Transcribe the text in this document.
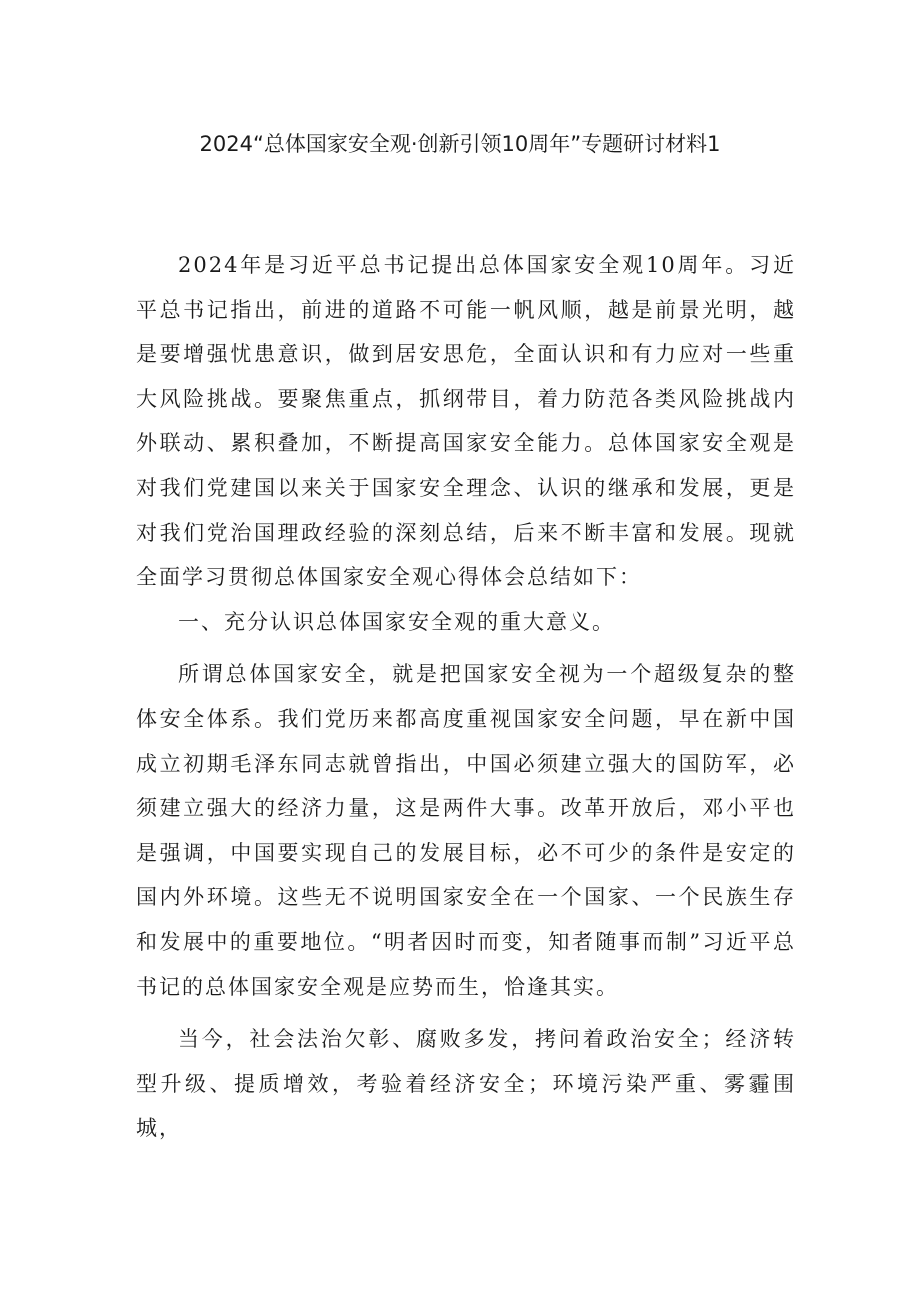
2024“总体国家安全观·创新引领10周年”专题研讨材料1

2024年是习近平总书记提出总体国家安全观10周年。习近平总书记指出，前进的道路不可能一帆风顺，越是前景光明，越是要增强忧患意识，做到居安思危，全面认识和有力应对一些重大风险挑战。要聚焦重点，抓纲带目，着力防范各类风险挑战内外联动、累积叠加，不断提高国家安全能力。总体国家安全观是对我们党建国以来关于国家安全理念、认识的继承和发展，更是对我们党治国理政经验的深刻总结，后来不断丰富和发展。现就全面学习贯彻总体国家安全观心得体会总结如下：

一、充分认识总体国家安全观的重大意义。

所谓总体国家安全，就是把国家安全视为一个超级复杂的整体安全体系。我们党历来都高度重视国家安全问题，早在新中国成立初期毛泽东同志就曾指出，中国必须建立强大的国防军，必须建立强大的经济力量，这是两件大事。改革开放后，邓小平也是强调，中国要实现自己的发展目标，必不可少的条件是安定的国内外环境。这些无不说明国家安全在一个国家、一个民族生存和发展中的重要地位。“明者因时而变，知者随事而制”习近平总书记的总体国家安全观是应势而生，恰逢其实。

当今，社会法治欠彰、腐败多发，拷问着政治安全；经济转型升级、提质增效，考验着经济安全；环境污染严重、雾霾围城，
